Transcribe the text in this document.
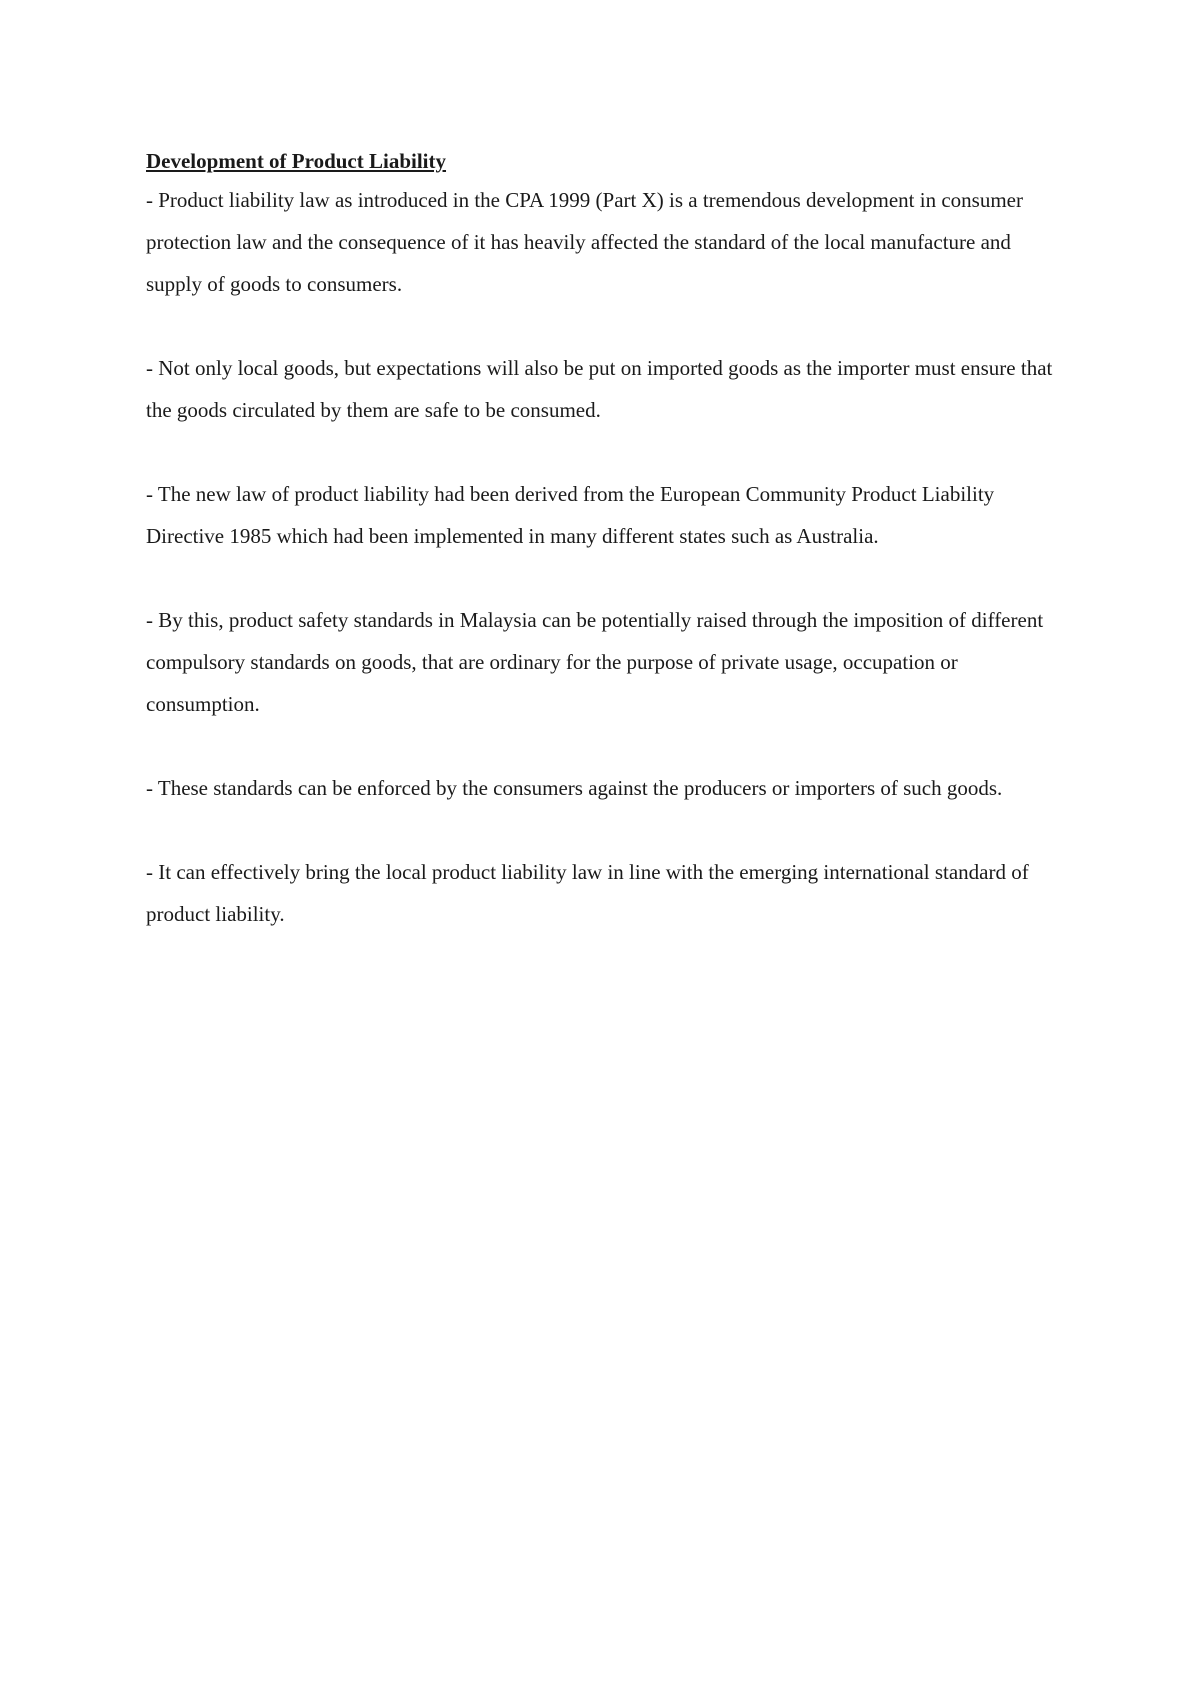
Development of Product Liability

- Product liability law as introduced in the CPA 1999 (Part X) is a tremendous development in consumer protection law and the consequence of it has heavily affected the standard of the local manufacture and supply of goods to consumers.

- Not only local goods, but expectations will also be put on imported goods as the importer must ensure that the goods circulated by them are safe to be consumed.

- The new law of product liability had been derived from the European Community Product Liability Directive 1985 which had been implemented in many different states such as Australia.

- By this, product safety standards in Malaysia can be potentially raised through the imposition of different compulsory standards on goods, that are ordinary for the purpose of private usage, occupation or consumption.

- These standards can be enforced by the consumers against the producers or importers of such goods.

- It can effectively bring the local product liability law in line with the emerging international standard of product liability.
